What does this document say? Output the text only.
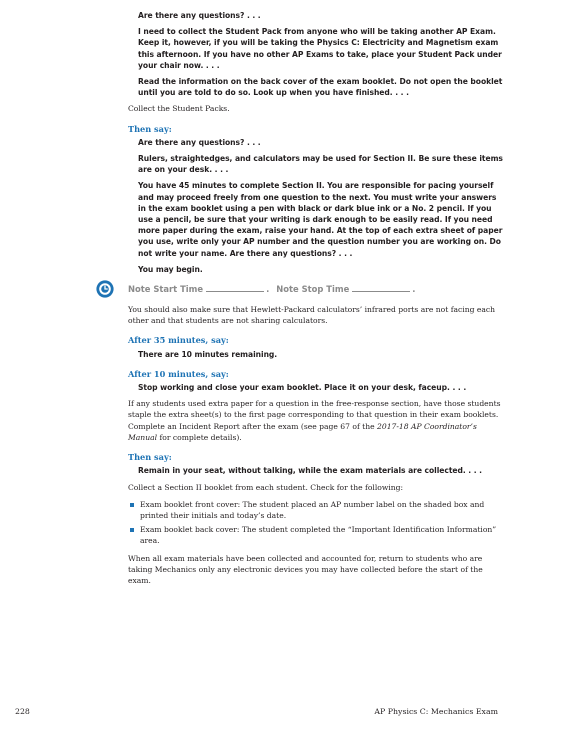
Are there any questions? . . .

I need to collect the Student Pack from anyone who will be taking another AP Exam. Keep it, however, if you will be taking the Physics C: Electricity and Magnetism exam this afternoon. If you have no other AP Exams to take, place your Student Pack under your chair now. . . .

Read the information on the back cover of the exam booklet. Do not open the booklet until you are told to do so. Look up when you have finished. . . .

Collect the Student Packs.

Then say:

Are there any questions? . . .

Rulers, straightedges, and calculators may be used for Section II. Be sure these items are on your desk. . . .

You have 45 minutes to complete Section II. You are responsible for pacing yourself and may proceed freely from one question to the next. You must write your answers in the exam booklet using a pen with black or dark blue ink or a No. 2 pencil. If you use a pencil, be sure that your writing is dark enough to be easily read. If you need more paper during the exam, raise your hand. At the top of each extra sheet of paper you use, write only your AP number and the question number you are working on. Do not write your name. Are there any questions? . . .

You may begin.

Note Start Time	. Note Stop Time	.

You should also make sure that Hewlett-Packard calculators’ infrared ports are not facing each other and that students are not sharing calculators.

After 35 minutes, say:

There are 10 minutes remaining.

After 10 minutes, say:

Stop working and close your exam booklet. Place it on your desk, faceup. . . .

If any students used extra paper for a question in the free-response section, have those students staple the extra sheet(s) to the first page corresponding to that question in their exam booklets. Complete an Incident Report after the exam (see page 67 of the 2017-18 AP Coordinator’s Manual for complete details).

Then say:

Remain in your seat, without talking, while the exam materials are collected. . . .

Collect a Section II booklet from each student. Check for the following:

Exam booklet front cover: The student placed an AP number label on the shaded box and printed their initials and today’s date.
Exam booklet back cover: The student completed the “Important Identification Information” area.

When all exam materials have been collected and accounted for, return to students who are taking Mechanics only any electronic devices you may have collected before the start of the exam.

228	AP Physics C: Mechanics Exam
